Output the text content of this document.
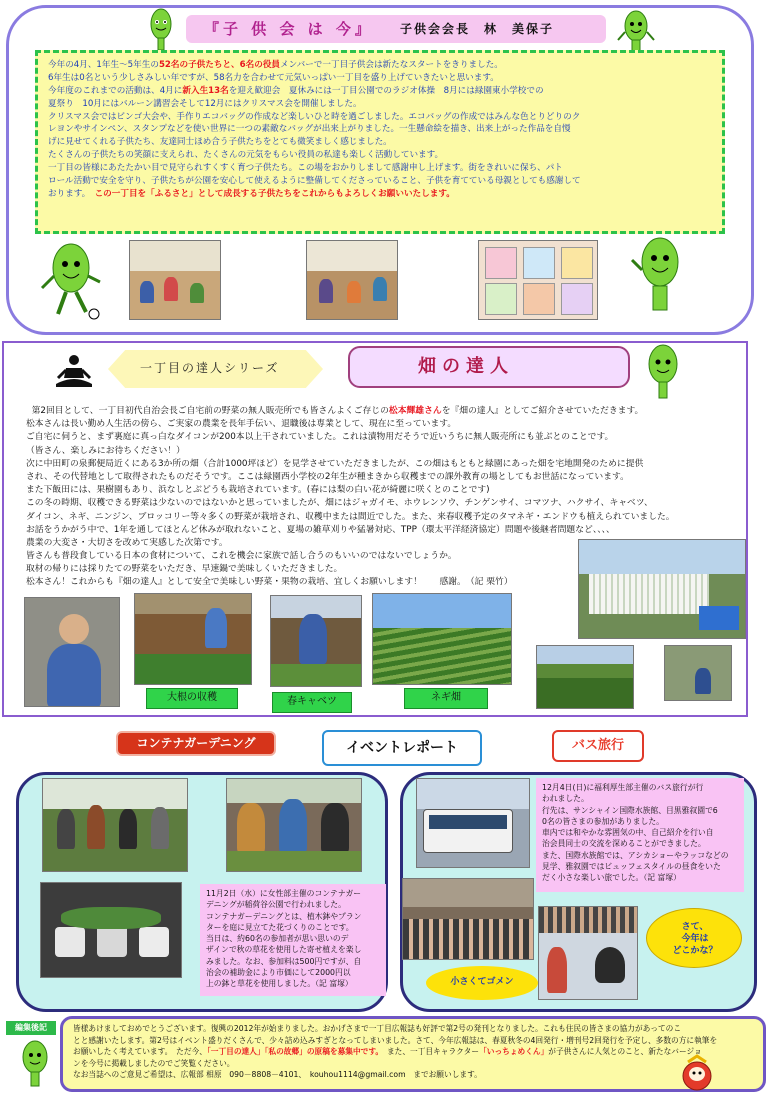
『子 供 会 は 今』 子供会会長　林　美保子

今年の4月、1年生～5年生の52名の子供たちと、6名の役員メンバーで一丁目子供会は新たなスタートをきりました。

6年生は0名という少しさみしい年ですが、58名力を合わせて元気いっぱい一丁目を盛り上げていきたいと思います。

今年度のこれまでの活動は、4月に新入生13名を迎え歓迎会　夏休みには一丁目公園でのラジオ体操　8月には緑園東小学校での

夏祭り　10月にはバルーン講習会そして12月にはクリスマス会を開催しました。

クリスマス会ではビンゴ大会や、手作りエコバッグの作成など楽しいひと時を過ごしました。エコバッグの作成ではみんな色とりどりのク

レヨンやサインペン、スタンプなどを使い世界に一つの素敵なバッグが出来上がりました。一生懸命絵を描き、出来上がった作品を自慢

げに見せてくれる子供たち、友達同士ほめ合う子供たちをとても微笑ましく感じました。

たくさんの子供たちの笑顔に支えられ、たくさんの元気をもらい役員の私達も楽しく活動しています。

一丁目の皆様にあたたかい目で見守られすくすく育つ子供たち。この場をおかりしまして感謝申し上げます。街をきれいに保ち、パト

ロール活動で安全を守り、子供たちが公園を安心して使えるように整備してくださっていること、子供を育てている母親としても感謝して

おります。　この一丁目を「ふるさと」として成長する子供たちをこれからもよろしくお願いいたします。

一丁目の達人シリーズ	畑の達人

第2回目として、一丁目初代自治会長ご自宅前の野菜の無人販売所でも皆さんよくご存じの松本輝雄さんを『畑の達人』としてご紹介させていただきます。

松本さんは長い勤め人生活の傍ら、ご実家の農業を長年手伝い、退職後は専業として、現在に至っています。

ご自宅に伺うと、まず裏庭に真っ白なダイコンが200本以上干されていました。これは漬物用だそうで近いうちに無人販売所にも並ぶとのことです。

（皆さん、楽しみにお待ちください！）

次に中田町の泉郵便局近くにある3か所の畑（合計1000坪ほど）を見学させていただきましたが、この畑はもともと緑園にあった畑を宅地開発のために提供

され、その代替地として取得されたものだそうです。ここは緑園西小学校の2年生が種まきから収穫までの課外教育の場としてもお世話になっています。

また下飯田には、果樹園もあり、浜なしとぶどうも栽培されています。(春には梨の白い花が綺麗に咲くとのことです)

この冬の時期、収穫できる野菜は少ないのではないかと思っていましたが、畑にはジャガイモ、ホウレンソウ、チンゲンサイ、コマツナ、ハクサイ、キャベツ、

ダイコン、ネギ、ニンジン、ブロッコリー等々多くの野菜が栽培され、収穫中または間近でした。また、来春収穫予定のタマネギ・エンドウも植えられていました。

お話をうかがう中で、1年を通してほとんど休みが取れないこと、夏場の雑草刈りや猛暑対応、TPP（環太平洋経済協定）問題や後継者問題など、、、、

農業の大変さ・大切さを改めて実感した次第です。

皆さんも普段食している日本の食材について、これを機会に家族で話し合うのもいいのではないでしょうか。

取材の帰りには採りたての野菜をいただき、早速鍋で美味しくいただきました。

松本さん！これからも『畑の達人』として安全で美味しい野菜・果物の栽培、宜しくお願いします！　　感謝。　（記 栗竹）

大根の収穫	春キャベツ	ネギ畑
コンテナガーデニング	イベントレポート	バス旅行

11月2日（水）に女性部主催のコンテナガー

デニングが稲荷谷公園で行われました。

コンテナガーデニングとは、植木鉢やプラン

ターを庭に見立てた花づくりのことです。

当日は、約60名の参加者が思い思いのデ

ザインで秋の草花を使用した寄せ植えを楽し

みました。なお、参加料は500円ですが、自

治会の補助金により市価にして2000円以

上の鉢と草花を使用しました。（記 富塚）

12月4日(日)に福利厚生部主催のバス旅行が行

われました。

行先は、サンシャイン国際水族館、目黒雅叙園で6

0名の皆さまの参加がありました。

車内では和やかな雰囲気の中、自己紹介を行い自

治会員同士の交流を深めることができました。

また、国際水族館では、アシカショーやラッコなどの

見学、雅叙園ではビュッフェスタイルの昼食をいた

だく小さな楽しい旅でした。（記 富塚）

さて、
今年は
どこかな？
小さくてゴメン
編集後記	皆様あけましておめでとうございます。復興の2012年が始まりました。おかげさまで一丁目広報誌も好評で第2号の発刊となりました。これも住民の皆さまの協力があってのこ

とと感謝いたします。第2号はイベント盛りだくさんで、少々詰め込みすぎとなってしまいました。さて、今年広報誌は、春夏秋冬の4回発行・増刊号2回発行を予定し、多数の方に執筆を

お願いしたく考えています。　ただ今、「一丁目の達人」「私の故郷」の原稿を募集中です。　また、一丁目キャラクター「いっちょめくん」が子供さんに人気とのこと、新たなバージョ

ンを今号に掲載しましたのでご笑覧ください。

なお当誌へのご意見ご希望は、広報部 相原　090－8808－4101、　kouhou1114@gmail.com　までお願いします。
